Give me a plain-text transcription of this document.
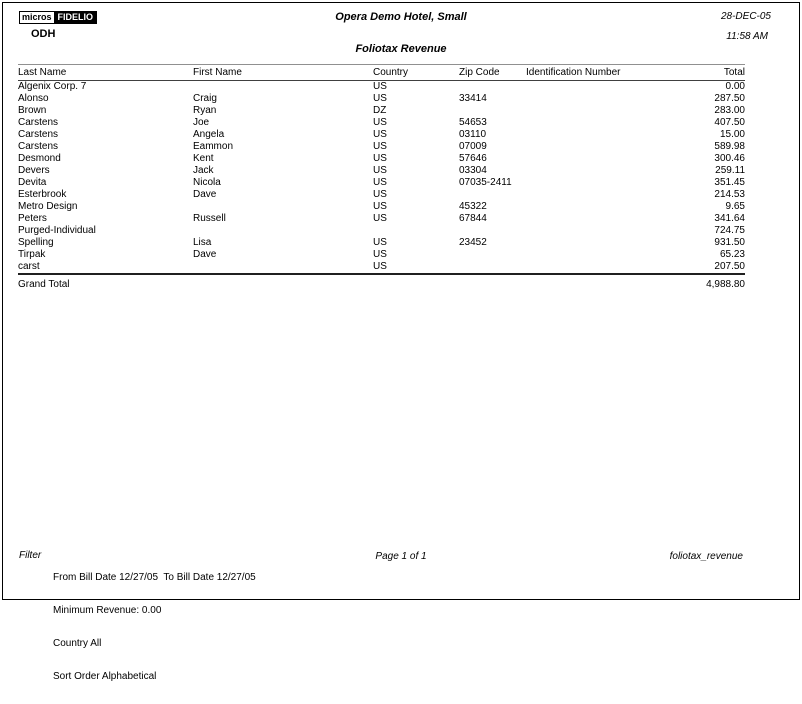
micros FIDELIO
ODH
Opera Demo Hotel, Small	28-DEC-05
11:58 AM
Foliotax Revenue
Last Name	First Name	Country	Zip Code	Identification Number	Total
Algenix Corp. 7		US			0.00
Alonso	Craig	US	33414		287.50
Brown	Ryan	DZ			283.00
Carstens	Joe	US	54653		407.50
Carstens	Angela	US	03110		15.00
Carstens	Eammon	US	07009		589.98
Desmond	Kent	US	57646		300.46
Devers	Jack	US	03304		259.11
Devita	Nicola	US	07035-2411		351.45
Esterbrook	Dave	US			214.53
Metro Design		US	45322		9.65
Peters	Russell	US	67844		341.64
Purged-Individual					724.75
Spelling	Lisa	US	23452		931.50
Tirpak	Dave	US			65.23
carst		US			207.50
Grand Total					4,988.80
Filter

From Bill Date 12/27/05  To Bill Date 12/27/05

Minimum Revenue: 0.00

Country All

Sort Order Alphabetical

Page 1 of 1	foliotax_revenue
